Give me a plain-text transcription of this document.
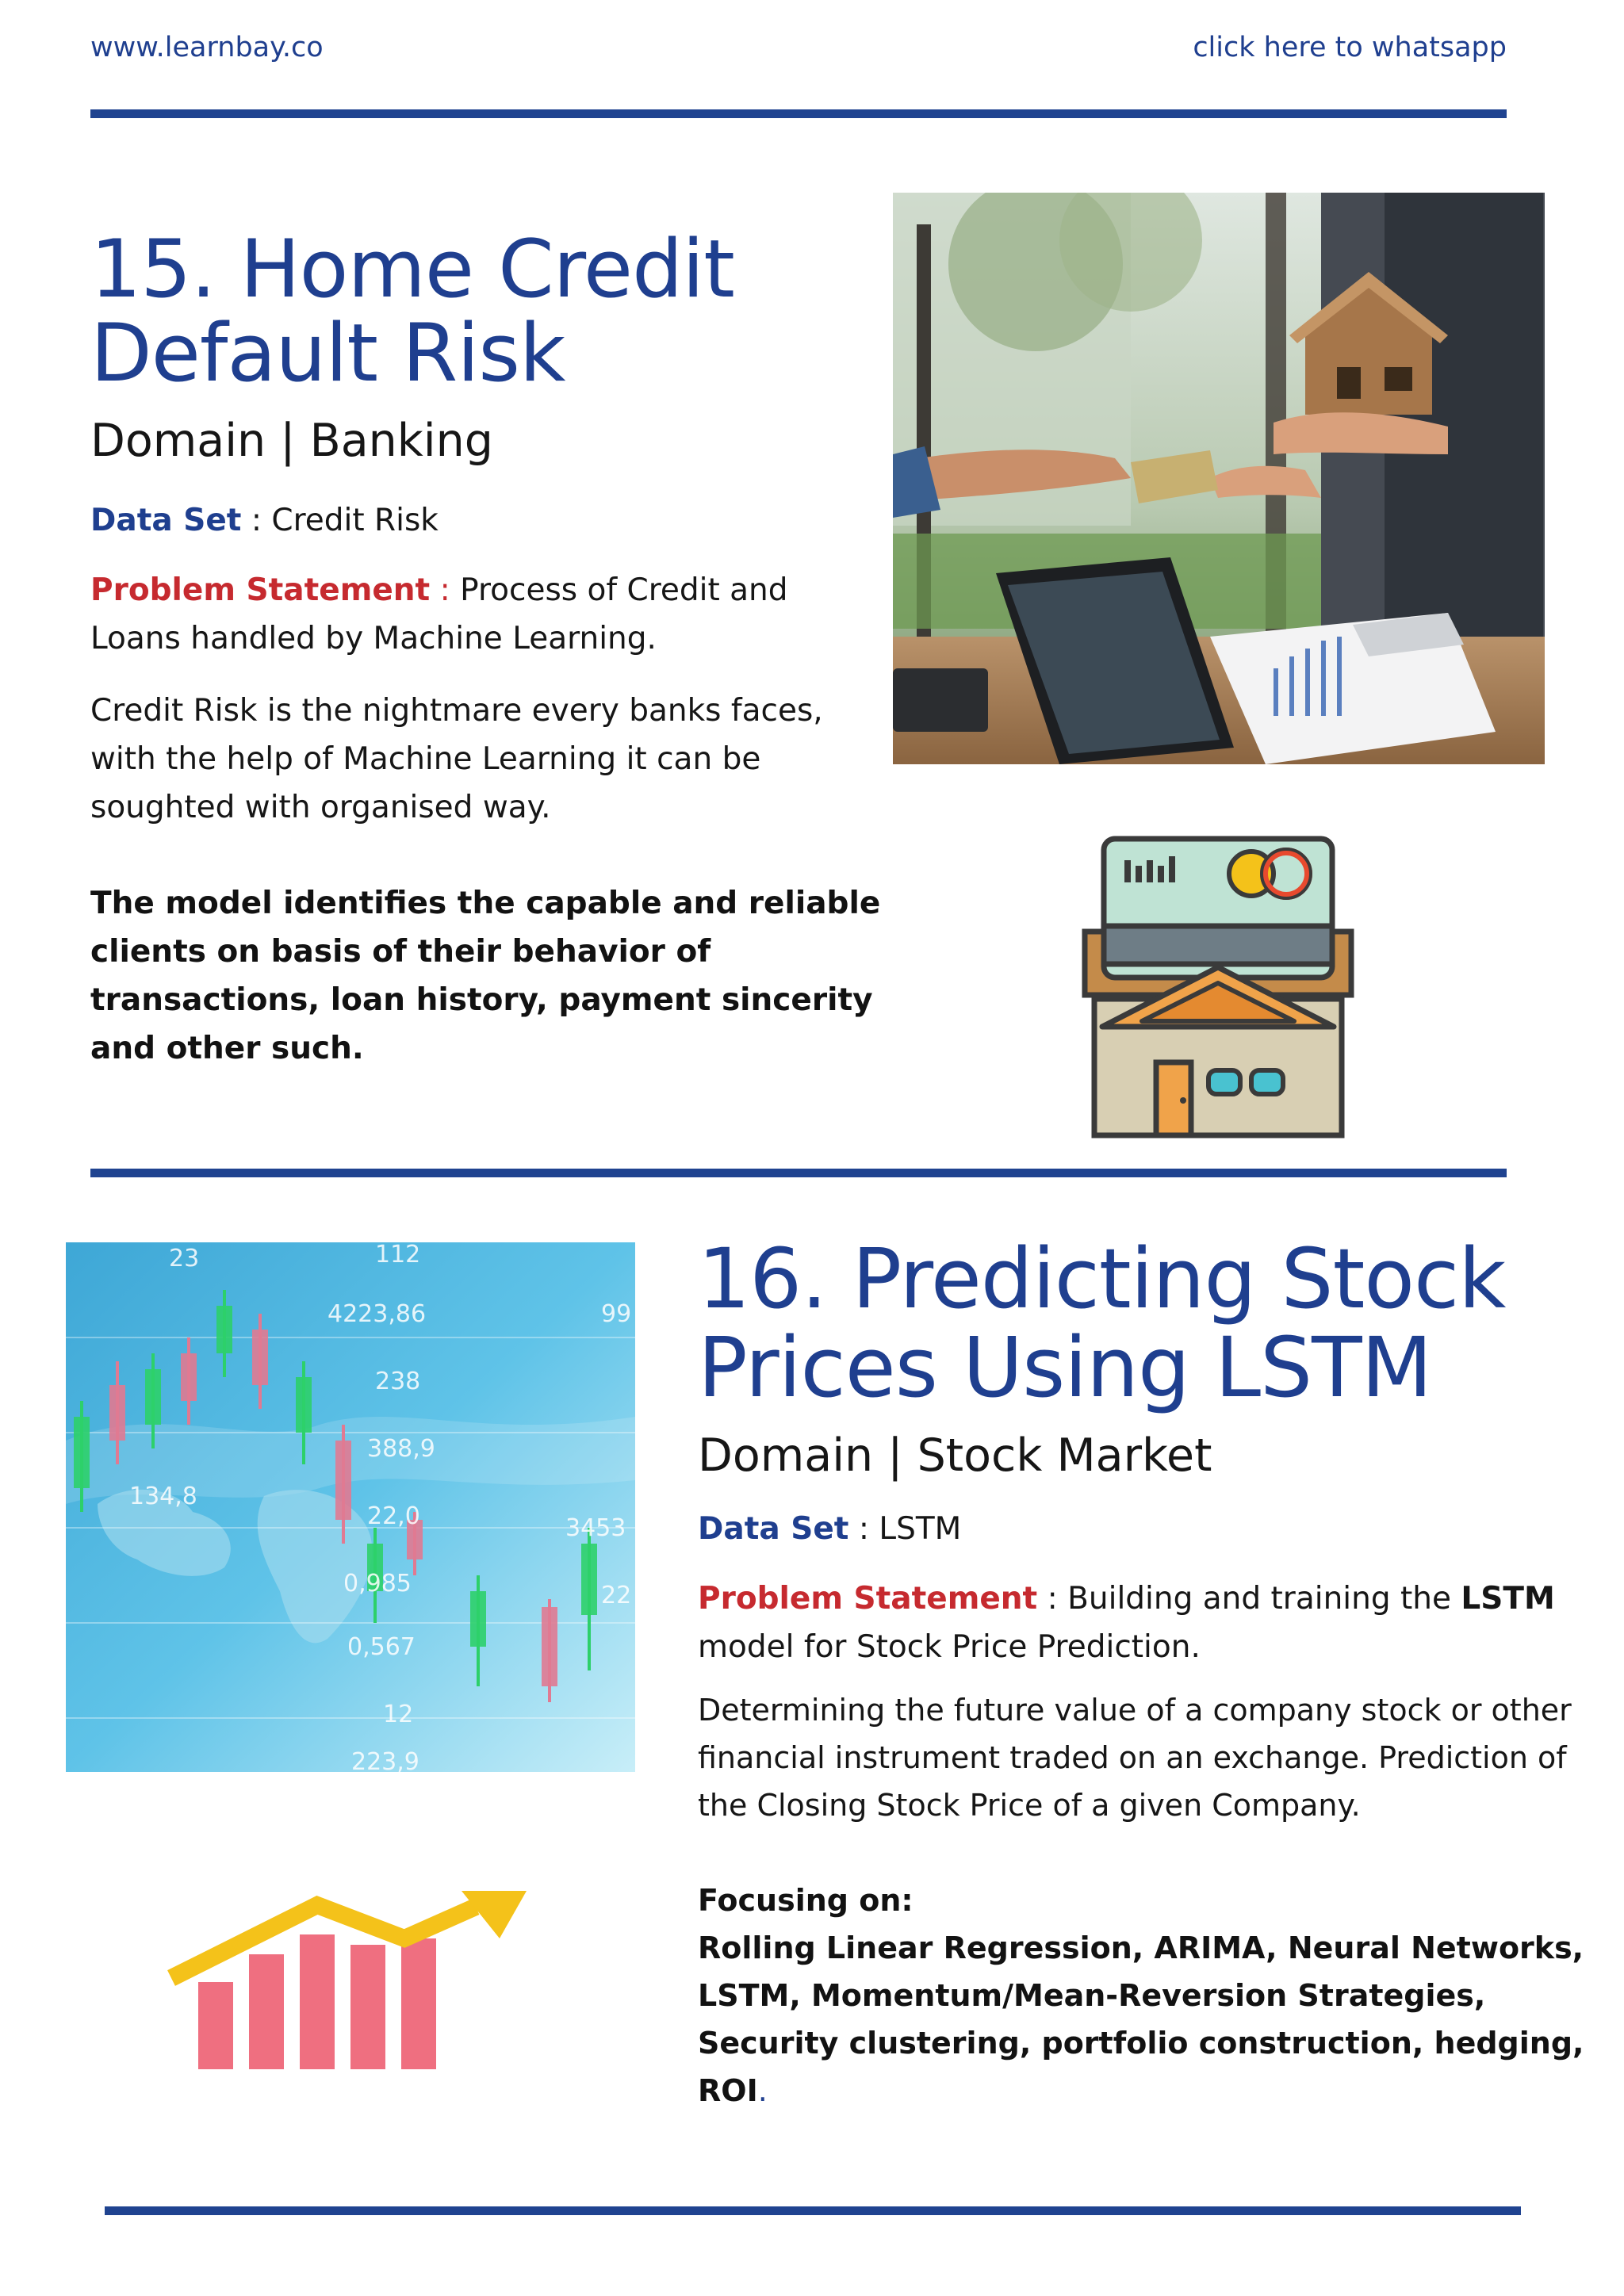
www.learnbay.co	click here to whatsapp
15. Home Credit
Default Risk
Domain | Banking
Data Set : Credit Risk
Problem Statement : Process of Credit and
Loans handled by Machine Learning.
Credit Risk is the nightmare every banks faces,
with the help of Machine Learning it can be
soughted with organised way.
The model identifies the capable and reliable
clients on basis of their behavior of
transactions, loan history, payment sincerity
and other such.
112
4223,86
238
388,9
22,0
0,985
0,567
12
223,9
99
3453
22
134,8
23	16. Predicting Stock
Prices Using LSTM
Domain | Stock Market
Data Set : LSTM
Problem Statement : Building and training the LSTM
model for Stock Price Prediction.
Determining the future value of a company stock or other
financial instrument traded on an exchange. Prediction of
the Closing Stock Price of a given Company.
Focusing on:
Rolling Linear Regression, ARIMA, Neural Networks,
LSTM, Momentum/Mean-Reversion Strategies,
Security clustering, portfolio construction, hedging,
ROI.
